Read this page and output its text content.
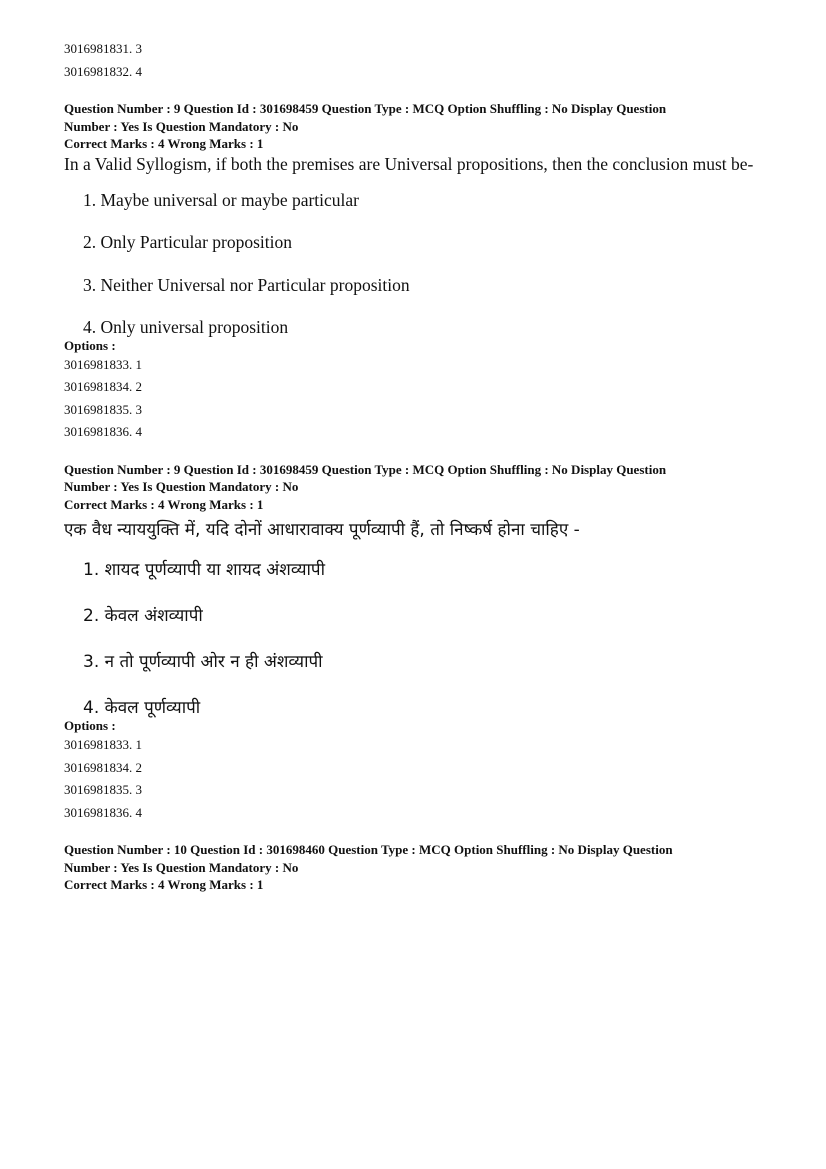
3016981831. 3
3016981832. 4
Question Number : 9 Question Id : 301698459 Question Type : MCQ Option Shuffling : No Display Question
Number : Yes Is Question Mandatory : No
Correct Marks : 4 Wrong Marks : 1
In a Valid Syllogism, if both the premises are Universal propositions, then the conclusion must be-
1. Maybe universal or maybe particular
2. Only Particular proposition
3. Neither Universal nor Particular proposition
4. Only universal proposition
Options :
3016981833. 1
3016981834. 2
3016981835. 3
3016981836. 4
Question Number : 9 Question Id : 301698459 Question Type : MCQ Option Shuffling : No Display Question
Number : Yes Is Question Mandatory : No
Correct Marks : 4 Wrong Marks : 1
एक वैध न्याययुक्ति में, यदि दोनों आधारावाक्य पूर्णव्यापी हैं, तो निष्कर्ष होना चाहिए -
1. शायद पूर्णव्यापी या शायद अंशव्यापी
2. केवल अंशव्यापी
3. न तो पूर्णव्यापी ओर न ही अंशव्यापी
4. केवल पूर्णव्यापी
Options :
3016981833. 1
3016981834. 2
3016981835. 3
3016981836. 4
Question Number : 10 Question Id : 301698460 Question Type : MCQ Option Shuffling : No Display Question
Number : Yes Is Question Mandatory : No
Correct Marks : 4 Wrong Marks : 1
